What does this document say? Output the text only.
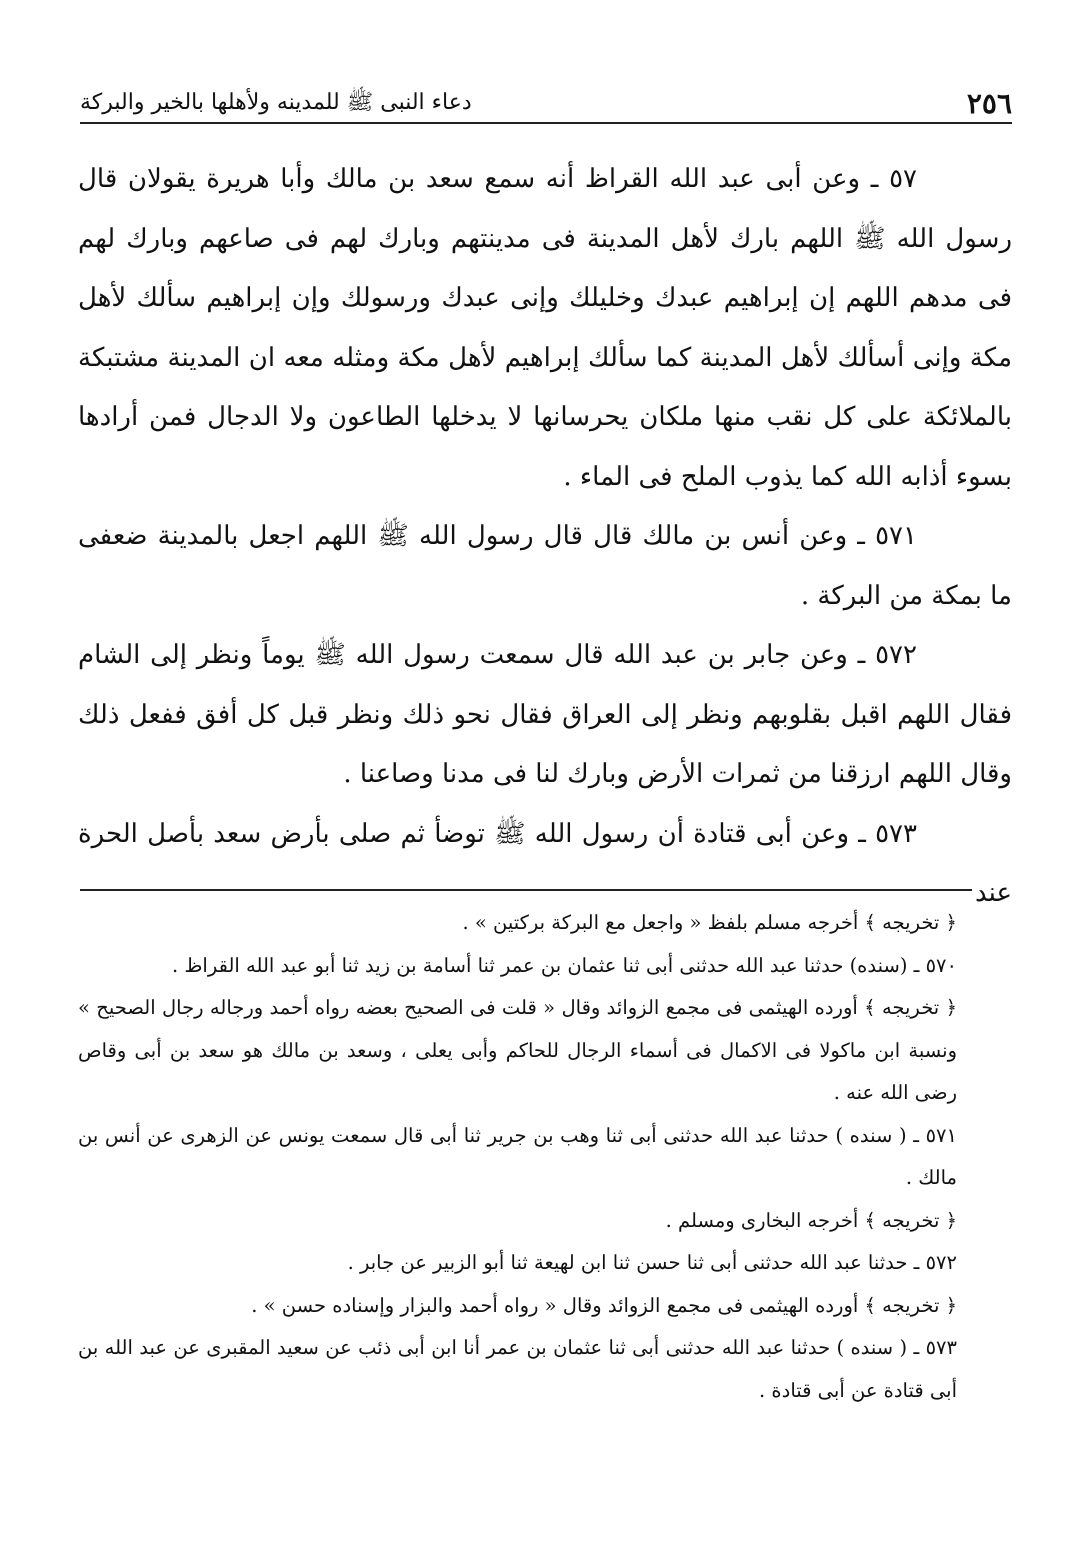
٢٥٦
دعاء النبى ﷺ للمدينه ولأهلها بالخير والبركة

٥٧ ـ وعن أبى عبد الله القراظ أنه سمع سعد بن مالك وأبا هريرة يقولان قال رسول الله ﷺ اللهم بارك لأهل المدينة فى مدينتهم وبارك لهم فى صاعهم وبارك لهم فى مدهم اللهم إن إبراهيم عبدك وخليلك وإنى عبدك ورسولك وإن إبراهيم سألك لأهل مكة وإنى أسألك لأهل المدينة كما سألك إبراهيم لأهل مكة ومثله معه ان المدينة مشتبكة بالملائكة على كل نقب منها ملكان يحرسانها لا يدخلها الطاعون ولا الدجال فمن أرادها بسوء أذابه الله كما يذوب الملح فى الماء .

٥٧١ ـ وعن أنس بن مالك قال قال رسول الله ﷺ اللهم اجعل بالمدينة ضعفى ما بمكة من البركة .

٥٧٢ ـ وعن جابر بن عبد الله قال سمعت رسول الله ﷺ يوماً ونظر إلى الشام فقال اللهم اقبل بقلوبهم ونظر إلى العراق فقال نحو ذلك ونظر قبل كل أفق ففعل ذلك وقال اللهم ارزقنا من ثمرات الأرض وبارك لنا فى مدنا وصاعنا .

٥٧٣ ـ وعن أبى قتادة أن رسول الله ﷺ توضأ ثم صلى بأرض سعد بأصل الحرة عند

﴿ تخريجه ﴾ أخرجه مسلم بلفظ « واجعل مع البركة بركتين » .

٥٧٠ ـ (سنده) حدثنا عبد الله حدثنى أبى ثنا عثمان بن عمر ثنا أسامة بن زيد ثنا أبو عبد الله القراظ .

﴿ تخريجه ﴾ أورده الهيثمى فى مجمع الزوائد وقال « قلت فى الصحيح بعضه رواه أحمد ورجاله رجال الصحيح » ونسبة ابن ماكولا فى الاكمال فى أسماء الرجال للحاكم وأبى يعلى ، وسعد بن مالك هو سعد بن أبى وقاص رضى الله عنه .

٥٧١ ـ ( سنده ) حدثنا عبد الله حدثنى أبى ثنا وهب بن جرير ثنا أبى قال سمعت يونس عن الزهرى عن أنس بن مالك .

﴿ تخريجه ﴾ أخرجه البخارى ومسلم .

٥٧٢ ـ حدثنا عبد الله حدثنى أبى ثنا حسن ثنا ابن لهيعة ثنا أبو الزبير عن جابر .

﴿ تخريجه ﴾ أورده الهيثمى فى مجمع الزوائد وقال « رواه أحمد والبزار وإسناده حسن » .

٥٧٣ ـ ( سنده ) حدثنا عبد الله حدثنى أبى ثنا عثمان بن عمر أنا ابن أبى ذئب عن سعيد المقبرى عن عبد الله بن أبى قتادة عن أبى قتادة .
